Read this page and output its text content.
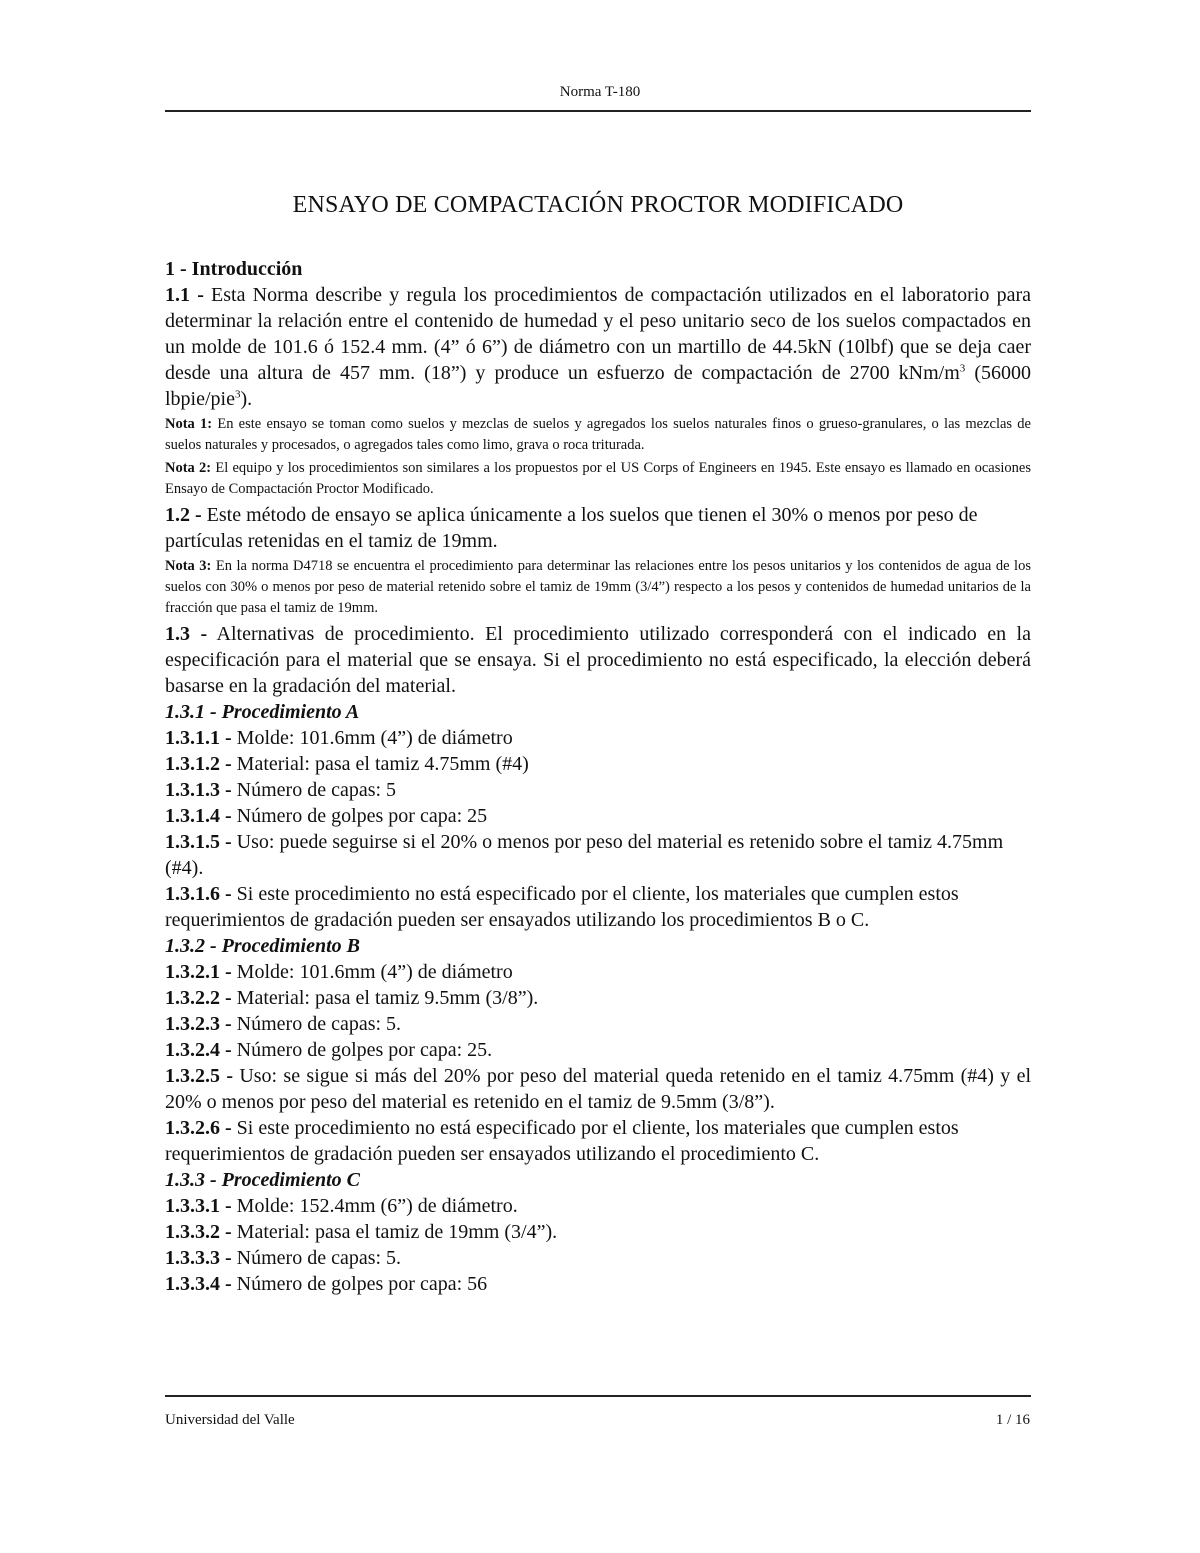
Norma T-180
ENSAYO DE COMPACTACIÓN PROCTOR MODIFICADO

1 - Introducción

1.1 - Esta Norma describe y regula los procedimientos de compactación utilizados en el laboratorio para determinar la relación entre el contenido de humedad y el peso unitario seco de los suelos compactados en un molde de 101.6 ó 152.4 mm. (4” ó 6”) de diámetro con un martillo de 44.5kN (10lbf) que se deja caer desde una altura de 457 mm. (18”) y produce un esfuerzo de compactación de 2700 kNm/$m^3$ (56000 lbpie/pie$^3$).

Nota 1: En este ensayo se toman como suelos y mezclas de suelos y agregados los suelos naturales finos o grueso-granulares, o las mezclas de suelos naturales y procesados, o agregados tales como limo, grava o roca triturada.

Nota 2: El equipo y los procedimientos son similares a los propuestos por el US Corps of Engineers en 1945. Este ensayo es llamado en ocasiones Ensayo de Compactación Proctor Modificado.

1.2 - Este método de ensayo se aplica únicamente a los suelos que tienen el 30% o menos por peso de partículas retenidas en el tamiz de 19mm.

Nota 3: En la norma D4718 se encuentra el procedimiento para determinar las relaciones entre los pesos unitarios y los contenidos de agua de los suelos con 30% o menos por peso de material retenido sobre el tamiz de 19mm (3/4”) respecto a los pesos y contenidos de humedad unitarios de la fracción que pasa el tamiz de 19mm.

1.3 - Alternativas de procedimiento. El procedimiento utilizado corresponderá con el indicado en la especificación para el material que se ensaya. Si el procedimiento no está especificado, la elección deberá basarse en la gradación del material.

1.3.1 - Procedimiento A

1.3.1.1 - Molde: 101.6mm (4”) de diámetro

1.3.1.2 - Material: pasa el tamiz 4.75mm (#4)

1.3.1.3 - Número de capas: 5

1.3.1.4 - Número de golpes por capa: 25

1.3.1.5 - Uso: puede seguirse si el 20% o menos por peso del material es retenido sobre el tamiz 4.75mm (#4).

1.3.1.6 - Si este procedimiento no está especificado por el cliente, los materiales que cumplen estos requerimientos de gradación pueden ser ensayados utilizando los procedimientos B o C.

1.3.2 - Procedimiento B

1.3.2.1 - Molde: 101.6mm (4”) de diámetro

1.3.2.2 - Material: pasa el tamiz 9.5mm (3/8”).

1.3.2.3 - Número de capas: 5.

1.3.2.4 - Número de golpes por capa: 25.

1.3.2.5 - Uso: se sigue si más del 20% por peso del material queda retenido en el tamiz 4.75mm (#4) y el 20% o menos por peso del material es retenido en el tamiz de 9.5mm (3/8”).

1.3.2.6 - Si este procedimiento no está especificado por el cliente, los materiales que cumplen estos requerimientos de gradación pueden ser ensayados utilizando el procedimiento C.

1.3.3 - Procedimiento C

1.3.3.1 - Molde: 152.4mm (6”) de diámetro.

1.3.3.2 - Material: pasa el tamiz de 19mm (3/4”).

1.3.3.3 - Número de capas: 5.

1.3.3.4 - Número de golpes por capa: 56

Universidad del Valle	1 / 16
